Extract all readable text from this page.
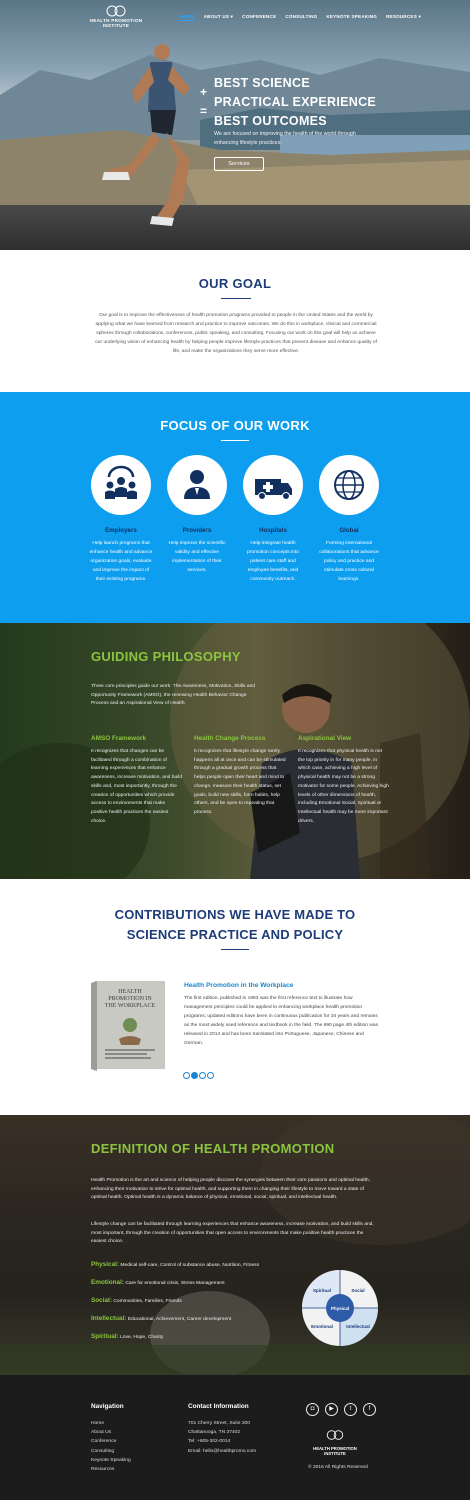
HEALTH PROMOTION
INSTITUTE
HOME ABOUT US ▾ CONFERENCE CONSULTING KEYNOTE SPEAKING RESOURCES ▾
+
=
BEST SCIENCE
PRACTICAL EXPERIENCE
BEST OUTCOMES
We are focused on improving the health of the world through enhancing lifestyle practices.
Services
OUR GOAL
Our goal is to improve the effectiveness of health promotion programs provided to people in the United States and the world by applying what we have learned from research and practice to improve outcomes. We do this in workplace, clinical and commercial spheres through collaborations, conferences, public speaking, and consulting. Focusing our work on this goal will help us achieve our underlying vision of enhancing health by helping people improve lifestyle practices that prevent disease and enhance quality of life, and make the organizations they serve more effective.
FOCUS OF OUR WORK
Employers
Help launch programs that enhance health and advance organization goals, evaluate and improve the impact of their existing programs.
Providers
Help improve the scientific validity and effective implementation of their services.
Hospitals
Help integrate health promotion concepts into patient care staff and employee benefits, and community outreach.
Global
Forming international collaborations that advance policy and practice and stimulate cross cultural learnings.
GUIDING PHILOSOPHY
Three core principles guide our work: The Awareness, Motivation, Skills and Opportunity Framework (AMSO), the renewing Health Behavior Change Process and an Aspirational View of Health.
AMSO Framework
It recognizes that changes can be facilitated through a combination of learning experiences that enhance awareness, increase motivation, and build skills and, most importantly, through the creation of opportunities which provide access to environments that make positive health practices the easiest choice.
Health Change Process
It recognizes that lifestyle change rarely happens all at once and can be stimulated through a gradual growth process that helps people open their heart and mind to change, measure their health status, set goals, build new skills, form habits, help others, and be open to repeating that process.
Aspirational View
It recognizes that physical health is not the top priority in for many people, in which case, achieving a high level of physical health may not be a strong motivator for some people. Achieving high levels of other dimensions of health, including Emotional Social, Spiritual or Intellectual health may be more important drivers.
CONTRIBUTIONS WE HAVE MADE TO
SCIENCE PRACTICE AND POLICY
HEALTH
PROMOTION IN
THE WORKPLACE
Health Promotion in the Workplace
The first edition, published in 1983 was the first reference text to illustrate how management principles could be applied to enhancing workplace health promotion programs; updated editions have been in continuous publication for 34 years and remains as the most widely used reference and textbook in the field. The 690 page 4th edition was released in 2014 and has been translated into Portuguese, Japanese, Chinese and German.
DEFINITION OF HEALTH PROMOTION
Health Promotion is the art and science of helping people discover the synergies between their core passions and optimal health, enhancing their motivation to strive for optimal health, and supporting them in changing their lifestyle to move toward a state of optimal health. Optimal health is a dynamic balance of physical, emotional, social, spiritual, and intellectual health.
Lifestyle change can be facilitated through learning experiences that enhance awareness, increase motivation, and build skills and, most important, through the creation of opportunities that open access to environments that make positive health practices the easiest choice.
Physical: Medical self-care, Control of substance abuse, Nutrition, Fitness
Emotional: Care for emotional crisis, Stress Management
Social: Communities, Families, Friends
Intellectual: Educational, Achievement, Career development
Spiritual: Love, Hope, Charity
Spiritual	Social
Physical
Emotional	Intellectual
Navigation
Home
About Us
Conference
Consulting
Keynote Speaking
Resources
Contact Information
701 Cherry Street, Suite 200
Chattanooga, TN 37402
Tel: +605-302-0014
Email: hello@healthpromo.com
◘	▶	t	f
HEALTH PROMOTION
INSTITUTE
© 2016 All Rights Reserved
